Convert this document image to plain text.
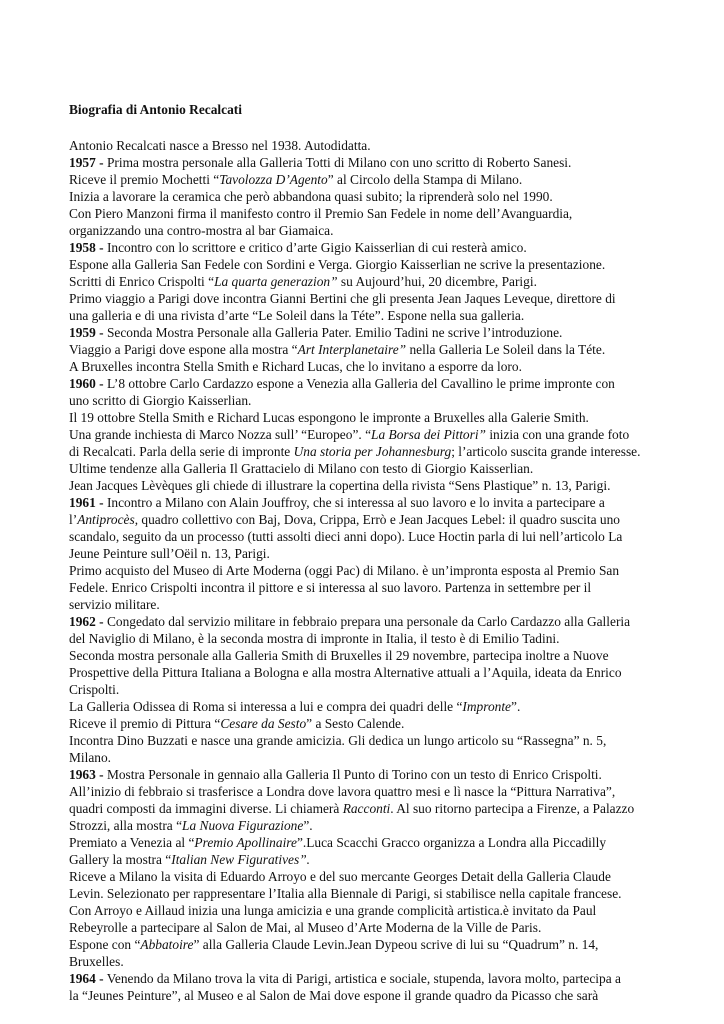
Biografia di Antonio Recalcati

Antonio Recalcati nasce a Bresso nel 1938. Autodidatta.

1957 - Prima mostra personale alla Galleria Totti di Milano con uno scritto di Roberto Sanesi.

Riceve il premio Mochetti “Tavolozza D’Agento” al Circolo della Stampa di Milano.

Inizia a lavorare la ceramica che però abbandona quasi subito; la riprenderà solo nel 1990.

Con Piero Manzoni firma il manifesto contro il Premio San Fedele in nome dell’Avanguardia,

organizzando una contro-mostra al bar Giamaica.

1958 - Incontro con lo scrittore e critico d’arte Gigio Kaisserlian di cui resterà amico.

Espone alla Galleria San Fedele con Sordini e Verga. Giorgio Kaisserlian ne scrive la presentazione.

Scritti di Enrico Crispolti “La quarta generazion” su Aujourd’hui, 20 dicembre, Parigi.

Primo viaggio a Parigi dove incontra Gianni Bertini che gli presenta Jean Jaques Leveque, direttore di

una galleria e di una rivista d’arte “Le Soleil dans la Téte”. Espone nella sua galleria.

1959 - Seconda Mostra Personale alla Galleria Pater. Emilio Tadini ne scrive l’introduzione.

Viaggio a Parigi dove espone alla mostra “Art Interplanetaire” nella Galleria Le Soleil dans la Téte.

A Bruxelles incontra Stella Smith e Richard Lucas, che lo invitano a esporre da loro.

1960 - L’8 ottobre Carlo Cardazzo espone a Venezia alla Galleria del Cavallino le prime impronte con

uno scritto di Giorgio Kaisserlian.

Il 19 ottobre Stella Smith e Richard Lucas espongono le impronte a Bruxelles alla Galerie Smith.

Una grande inchiesta di Marco Nozza sull’ “Europeo”. “La Borsa dei Pittori” inizia con una grande foto

di Recalcati. Parla della serie di impronte Una storia per Johannesburg; l’articolo suscita grande interesse.

Ultime tendenze alla Galleria Il Grattacielo di Milano con testo di Giorgio Kaisserlian.

Jean Jacques Lèvèques gli chiede di illustrare la copertina della rivista “Sens Plastique” n. 13, Parigi.

1961 - Incontro a Milano con Alain Jouffroy, che si interessa al suo lavoro e lo invita a partecipare a

l’Antiprocès, quadro collettivo con Baj, Dova, Crippa, Errò e Jean Jacques Lebel: il quadro suscita uno

scandalo, seguito da un processo (tutti assolti dieci anni dopo). Luce Hoctin parla di lui nell’articolo La

Jeune Peinture sull’Oëil n. 13, Parigi.

Primo acquisto del Museo di Arte Moderna (oggi Pac) di Milano. è un’impronta esposta al Premio San

Fedele. Enrico Crispolti incontra il pittore e si interessa al suo lavoro. Partenza in settembre per il

servizio militare.

1962 - Congedato dal servizio militare in febbraio prepara una personale da Carlo Cardazzo alla Galleria

del Naviglio di Milano, è la seconda mostra di impronte in Italia, il testo è di Emilio Tadini.

Seconda mostra personale alla Galleria Smith di Bruxelles il 29 novembre, partecipa inoltre a Nuove

Prospettive della Pittura Italiana a Bologna e alla mostra Alternative attuali a l’Aquila, ideata da Enrico

Crispolti.

La Galleria Odissea di Roma si interessa a lui e compra dei quadri delle “Impronte”.

Riceve il premio di Pittura “Cesare da Sesto” a Sesto Calende.

Incontra Dino Buzzati e nasce una grande amicizia. Gli dedica un lungo articolo su “Rassegna” n. 5,

Milano.

1963 - Mostra Personale in gennaio alla Galleria Il Punto di Torino con un testo di Enrico Crispolti.

All’inizio di febbraio si trasferisce a Londra dove lavora quattro mesi e lì nasce la “Pittura Narrativa”,

quadri composti da immagini diverse. Li chiamerà Racconti. Al suo ritorno partecipa a Firenze, a Palazzo

Strozzi, alla mostra “La Nuova Figurazione”.

Premiato a Venezia al “Premio Apollinaire”.Luca Scacchi Gracco organizza a Londra alla Piccadilly

Gallery la mostra “Italian New Figuratives”.

Riceve a Milano la visita di Eduardo Arroyo e del suo mercante Georges Detait della Galleria Claude

Levin. Selezionato per rappresentare l’Italia alla Biennale di Parigi, si stabilisce nella capitale francese.

Con Arroyo e Aillaud inizia una lunga amicizia e una grande complicità artistica.è invitato da Paul

Rebeyrolle a partecipare al Salon de Mai, al Museo d’Arte Moderna de la Ville de Paris.

Espone con “Abbatoire” alla Galleria Claude Levin.Jean Dypeou scrive di lui su “Quadrum” n. 14,

Bruxelles.

1964 - Venendo da Milano trova la vita di Parigi, artistica e sociale, stupenda, lavora molto, partecipa a

la “Jeunes Peinture”, al Museo e al Salon de Mai dove espone il grande quadro da Picasso che sarà
